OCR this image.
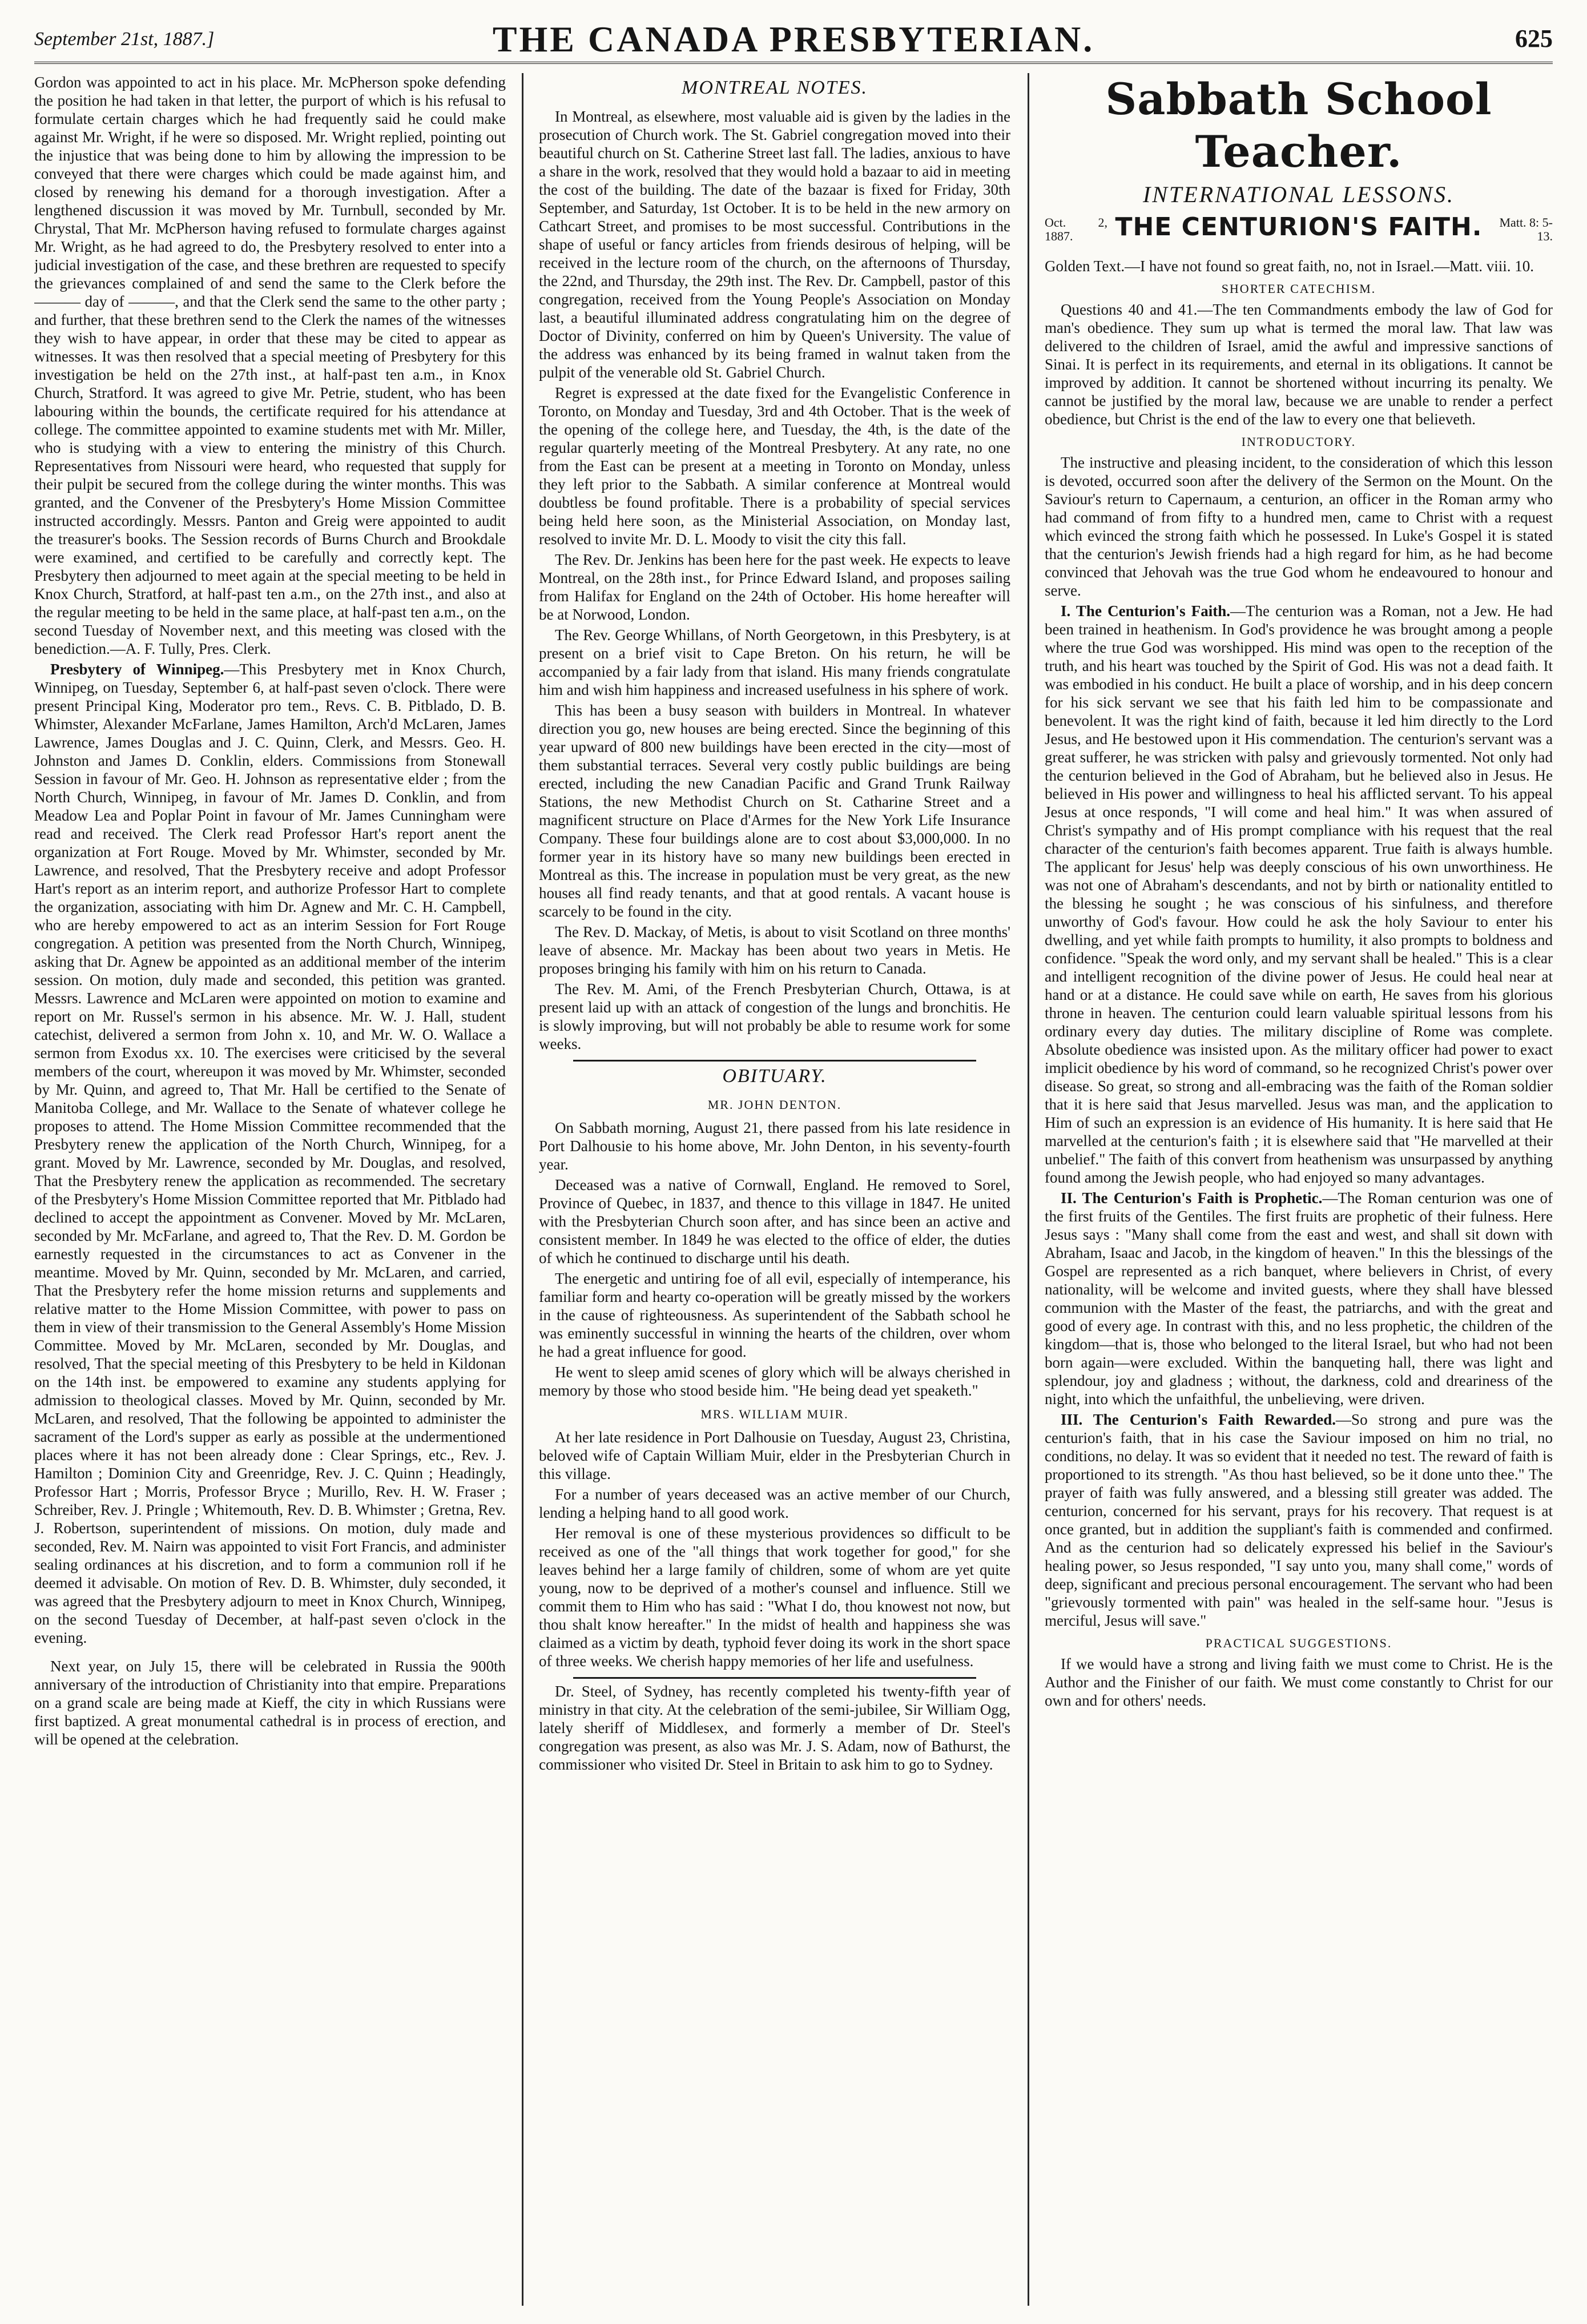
September 21st, 1887.]	THE CANADA PRESBYTERIAN.	625

Gordon was appointed to act in his place. Mr. McPherson spoke defending the position he had taken in that letter, the purport of which is his refusal to formulate certain charges which he had frequently said he could make against Mr. Wright, if he were so disposed. Mr. Wright replied, pointing out the injustice that was being done to him by allowing the impression to be conveyed that there were charges which could be made against him, and closed by renewing his demand for a thorough investigation. After a lengthened discussion it was moved by Mr. Turnbull, seconded by Mr. Chrystal, That Mr. McPherson having refused to formulate charges against Mr. Wright, as he had agreed to do, the Presbytery resolved to enter into a judicial investigation of the case, and these brethren are requested to specify the grievances complained of and send the same to the Clerk before the ——— day of ———, and that the Clerk send the same to the other party ; and further, that these brethren send to the Clerk the names of the witnesses they wish to have appear, in order that these may be cited to appear as witnesses. It was then resolved that a special meeting of Presbytery for this investigation be held on the 27th inst., at half-past ten a.m., in Knox Church, Stratford. It was agreed to give Mr. Petrie, student, who has been labouring within the bounds, the certificate required for his attendance at college. The committee appointed to examine students met with Mr. Miller, who is studying with a view to entering the ministry of this Church. Representatives from Nissouri were heard, who requested that supply for their pulpit be secured from the college during the winter months. This was granted, and the Convener of the Presbytery's Home Mission Committee instructed accordingly. Messrs. Panton and Greig were appointed to audit the treasurer's books. The Session records of Burns Church and Brookdale were examined, and certified to be carefully and correctly kept. The Presbytery then adjourned to meet again at the special meeting to be held in Knox Church, Stratford, at half-past ten a.m., on the 27th inst., and also at the regular meeting to be held in the same place, at half-past ten a.m., on the second Tuesday of November next, and this meeting was closed with the benediction.—A. F. Tully, Pres. Clerk.

Presbytery of Winnipeg.—This Presbytery met in Knox Church, Winnipeg, on Tuesday, September 6, at half-past seven o'clock. There were present Principal King, Moderator pro tem., Revs. C. B. Pitblado, D. B. Whimster, Alexander McFarlane, James Hamilton, Arch'd McLaren, James Lawrence, James Douglas and J. C. Quinn, Clerk, and Messrs. Geo. H. Johnston and James D. Conklin, elders. Commissions from Stonewall Session in favour of Mr. Geo. H. Johnson as representative elder ; from the North Church, Winnipeg, in favour of Mr. James D. Conklin, and from Meadow Lea and Poplar Point in favour of Mr. James Cunningham were read and received. The Clerk read Professor Hart's report anent the organization at Fort Rouge. Moved by Mr. Whimster, seconded by Mr. Lawrence, and resolved, That the Presbytery receive and adopt Professor Hart's report as an interim report, and authorize Professor Hart to complete the organization, associating with him Dr. Agnew and Mr. C. H. Campbell, who are hereby empowered to act as an interim Session for Fort Rouge congregation. A petition was presented from the North Church, Winnipeg, asking that Dr. Agnew be appointed as an additional member of the interim session. On motion, duly made and seconded, this petition was granted. Messrs. Lawrence and McLaren were appointed on motion to examine and report on Mr. Russel's sermon in his absence. Mr. W. J. Hall, student catechist, delivered a sermon from John x. 10, and Mr. W. O. Wallace a sermon from Exodus xx. 10. The exercises were criticised by the several members of the court, whereupon it was moved by Mr. Whimster, seconded by Mr. Quinn, and agreed to, That Mr. Hall be certified to the Senate of Manitoba College, and Mr. Wallace to the Senate of whatever college he proposes to attend. The Home Mission Committee recommended that the Presbytery renew the application of the North Church, Winnipeg, for a grant. Moved by Mr. Lawrence, seconded by Mr. Douglas, and resolved, That the Presbytery renew the application as recommended. The secretary of the Presbytery's Home Mission Committee reported that Mr. Pitblado had declined to accept the appointment as Convener. Moved by Mr. McLaren, seconded by Mr. McFarlane, and agreed to, That the Rev. D. M. Gordon be earnestly requested in the circumstances to act as Convener in the meantime. Moved by Mr. Quinn, seconded by Mr. McLaren, and carried, That the Presbytery refer the home mission returns and supplements and relative matter to the Home Mission Committee, with power to pass on them in view of their transmission to the General Assembly's Home Mission Committee. Moved by Mr. McLaren, seconded by Mr. Douglas, and resolved, That the special meeting of this Presbytery to be held in Kildonan on the 14th inst. be empowered to examine any students applying for admission to theological classes. Moved by Mr. Quinn, seconded by Mr. McLaren, and resolved, That the following be appointed to administer the sacrament of the Lord's supper as early as possible at the undermentioned places where it has not been already done : Clear Springs, etc., Rev. J. Hamilton ; Dominion City and Greenridge, Rev. J. C. Quinn ; Headingly, Professor Hart ; Morris, Professor Bryce ; Murillo, Rev. H. W. Fraser ; Schreiber, Rev. J. Pringle ; Whitemouth, Rev. D. B. Whimster ; Gretna, Rev. J. Robertson, superintendent of missions. On motion, duly made and seconded, Rev. M. Nairn was appointed to visit Fort Francis, and administer sealing ordinances at his discretion, and to form a communion roll if he deemed it advisable. On motion of Rev. D. B. Whimster, duly seconded, it was agreed that the Presbytery adjourn to meet in Knox Church, Winnipeg, on the second Tuesday of December, at half-past seven o'clock in the evening.

Next year, on July 15, there will be celebrated in Russia the 900th anniversary of the introduction of Christianity into that empire. Preparations on a grand scale are being made at Kieff, the city in which Russians were first baptized. A great monumental cathedral is in process of erection, and will be opened at the celebration.

MONTREAL NOTES.

In Montreal, as elsewhere, most valuable aid is given by the ladies in the prosecution of Church work. The St. Gabriel congregation moved into their beautiful church on St. Catherine Street last fall. The ladies, anxious to have a share in the work, resolved that they would hold a bazaar to aid in meeting the cost of the building. The date of the bazaar is fixed for Friday, 30th September, and Saturday, 1st October. It is to be held in the new armory on Cathcart Street, and promises to be most successful. Contributions in the shape of useful or fancy articles from friends desirous of helping, will be received in the lecture room of the church, on the afternoons of Thursday, the 22nd, and Thursday, the 29th inst. The Rev. Dr. Campbell, pastor of this congregation, received from the Young People's Association on Monday last, a beautiful illuminated address congratulating him on the degree of Doctor of Divinity, conferred on him by Queen's University. The value of the address was enhanced by its being framed in walnut taken from the pulpit of the venerable old St. Gabriel Church.

Regret is expressed at the date fixed for the Evangelistic Conference in Toronto, on Monday and Tuesday, 3rd and 4th October. That is the week of the opening of the college here, and Tuesday, the 4th, is the date of the regular quarterly meeting of the Montreal Presbytery. At any rate, no one from the East can be present at a meeting in Toronto on Monday, unless they left prior to the Sabbath. A similar conference at Montreal would doubtless be found profitable. There is a probability of special services being held here soon, as the Ministerial Association, on Monday last, resolved to invite Mr. D. L. Moody to visit the city this fall.

The Rev. Dr. Jenkins has been here for the past week. He expects to leave Montreal, on the 28th inst., for Prince Edward Island, and proposes sailing from Halifax for England on the 24th of October. His home hereafter will be at Norwood, London.

The Rev. George Whillans, of North Georgetown, in this Presbytery, is at present on a brief visit to Cape Breton. On his return, he will be accompanied by a fair lady from that island. His many friends congratulate him and wish him happiness and increased usefulness in his sphere of work.

This has been a busy season with builders in Montreal. In whatever direction you go, new houses are being erected. Since the beginning of this year upward of 800 new buildings have been erected in the city—most of them substantial terraces. Several very costly public buildings are being erected, including the new Canadian Pacific and Grand Trunk Railway Stations, the new Methodist Church on St. Catharine Street and a magnificent structure on Place d'Armes for the New York Life Insurance Company. These four buildings alone are to cost about $3,000,000. In no former year in its history have so many new buildings been erected in Montreal as this. The increase in population must be very great, as the new houses all find ready tenants, and that at good rentals. A vacant house is scarcely to be found in the city.

The Rev. D. Mackay, of Metis, is about to visit Scotland on three months' leave of absence. Mr. Mackay has been about two years in Metis. He proposes bringing his family with him on his return to Canada.

The Rev. M. Ami, of the French Presbyterian Church, Ottawa, is at present laid up with an attack of congestion of the lungs and bronchitis. He is slowly improving, but will not probably be able to resume work for some weeks.

OBITUARY.
MR. JOHN DENTON.

On Sabbath morning, August 21, there passed from his late residence in Port Dalhousie to his home above, Mr. John Denton, in his seventy-fourth year.

Deceased was a native of Cornwall, England. He removed to Sorel, Province of Quebec, in 1837, and thence to this village in 1847. He united with the Presbyterian Church soon after, and has since been an active and consistent member. In 1849 he was elected to the office of elder, the duties of which he continued to discharge until his death.

The energetic and untiring foe of all evil, especially of intemperance, his familiar form and hearty co-operation will be greatly missed by the workers in the cause of righteousness. As superintendent of the Sabbath school he was eminently successful in winning the hearts of the children, over whom he had a great influence for good.

He went to sleep amid scenes of glory which will be always cherished in memory by those who stood beside him. "He being dead yet speaketh."

MRS. WILLIAM MUIR.

At her late residence in Port Dalhousie on Tuesday, August 23, Christina, beloved wife of Captain William Muir, elder in the Presbyterian Church in this village.

For a number of years deceased was an active member of our Church, lending a helping hand to all good work.

Her removal is one of these mysterious providences so difficult to be received as one of the "all things that work together for good," for she leaves behind her a large family of children, some of whom are yet quite young, now to be deprived of a mother's counsel and influence. Still we commit them to Him who has said : "What I do, thou knowest not now, but thou shalt know hereafter." In the midst of health and happiness she was claimed as a victim by death, typhoid fever doing its work in the short space of three weeks. We cherish happy memories of her life and usefulness.

Dr. Steel, of Sydney, has recently completed his twenty-fifth year of ministry in that city. At the celebration of the semi-jubilee, Sir William Ogg, lately sheriff of Middlesex, and formerly a member of Dr. Steel's congregation was present, as also was Mr. J. S. Adam, now of Bathurst, the commissioner who visited Dr. Steel in Britain to ask him to go to Sydney.

Sabbath School Teacher.
INTERNATIONAL LESSONS.
Oct. 2, 1887.	THE CENTURION'S FAITH.	Matt. 8: 5-13.

Golden Text.—I have not found so great faith, no, not in Israel.—Matt. viii. 10.

SHORTER CATECHISM.

Questions 40 and 41.—The ten Commandments embody the law of God for man's obedience. They sum up what is termed the moral law. That law was delivered to the children of Israel, amid the awful and impressive sanctions of Sinai. It is perfect in its requirements, and eternal in its obligations. It cannot be improved by addition. It cannot be shortened without incurring its penalty. We cannot be justified by the moral law, because we are unable to render a perfect obedience, but Christ is the end of the law to every one that believeth.

INTRODUCTORY.

The instructive and pleasing incident, to the consideration of which this lesson is devoted, occurred soon after the delivery of the Sermon on the Mount. On the Saviour's return to Capernaum, a centurion, an officer in the Roman army who had command of from fifty to a hundred men, came to Christ with a request which evinced the strong faith which he possessed. In Luke's Gospel it is stated that the centurion's Jewish friends had a high regard for him, as he had become convinced that Jehovah was the true God whom he endeavoured to honour and serve.

I. The Centurion's Faith.—The centurion was a Roman, not a Jew. He had been trained in heathenism. In God's providence he was brought among a people where the true God was worshipped. His mind was open to the reception of the truth, and his heart was touched by the Spirit of God. His was not a dead faith. It was embodied in his conduct. He built a place of worship, and in his deep concern for his sick servant we see that his faith led him to be compassionate and benevolent. It was the right kind of faith, because it led him directly to the Lord Jesus, and He bestowed upon it His commendation. The centurion's servant was a great sufferer, he was stricken with palsy and grievously tormented. Not only had the centurion believed in the God of Abraham, but he believed also in Jesus. He believed in His power and willingness to heal his afflicted servant. To his appeal Jesus at once responds, "I will come and heal him." It was when assured of Christ's sympathy and of His prompt compliance with his request that the real character of the centurion's faith becomes apparent. True faith is always humble. The applicant for Jesus' help was deeply conscious of his own unworthiness. He was not one of Abraham's descendants, and not by birth or nationality entitled to the blessing he sought ; he was conscious of his sinfulness, and therefore unworthy of God's favour. How could he ask the holy Saviour to enter his dwelling, and yet while faith prompts to humility, it also prompts to boldness and confidence. "Speak the word only, and my servant shall be healed." This is a clear and intelligent recognition of the divine power of Jesus. He could heal near at hand or at a distance. He could save while on earth, He saves from his glorious throne in heaven. The centurion could learn valuable spiritual lessons from his ordinary every day duties. The military discipline of Rome was complete. Absolute obedience was insisted upon. As the military officer had power to exact implicit obedience by his word of command, so he recognized Christ's power over disease. So great, so strong and all-embracing was the faith of the Roman soldier that it is here said that Jesus marvelled. Jesus was man, and the application to Him of such an expression is an evidence of His humanity. It is here said that He marvelled at the centurion's faith ; it is elsewhere said that "He marvelled at their unbelief." The faith of this convert from heathenism was unsurpassed by anything found among the Jewish people, who had enjoyed so many advantages.

II. The Centurion's Faith is Prophetic.—The Roman centurion was one of the first fruits of the Gentiles. The first fruits are prophetic of their fulness. Here Jesus says : "Many shall come from the east and west, and shall sit down with Abraham, Isaac and Jacob, in the kingdom of heaven." In this the blessings of the Gospel are represented as a rich banquet, where believers in Christ, of every nationality, will be welcome and invited guests, where they shall have blessed communion with the Master of the feast, the patriarchs, and with the great and good of every age. In contrast with this, and no less prophetic, the children of the kingdom—that is, those who belonged to the literal Israel, but who had not been born again—were excluded. Within the banqueting hall, there was light and splendour, joy and gladness ; without, the darkness, cold and dreariness of the night, into which the unfaithful, the unbelieving, were driven.

III. The Centurion's Faith Rewarded.—So strong and pure was the centurion's faith, that in his case the Saviour imposed on him no trial, no conditions, no delay. It was so evident that it needed no test. The reward of faith is proportioned to its strength. "As thou hast believed, so be it done unto thee." The prayer of faith was fully answered, and a blessing still greater was added. The centurion, concerned for his servant, prays for his recovery. That request is at once granted, but in addition the suppliant's faith is commended and confirmed. And as the centurion had so delicately expressed his belief in the Saviour's healing power, so Jesus responded, "I say unto you, many shall come," words of deep, significant and precious personal encouragement. The servant who had been "grievously tormented with pain" was healed in the self-same hour. "Jesus is merciful, Jesus will save."

PRACTICAL SUGGESTIONS.

If we would have a strong and living faith we must come to Christ. He is the Author and the Finisher of our faith. We must come constantly to Christ for our own and for others' needs.
